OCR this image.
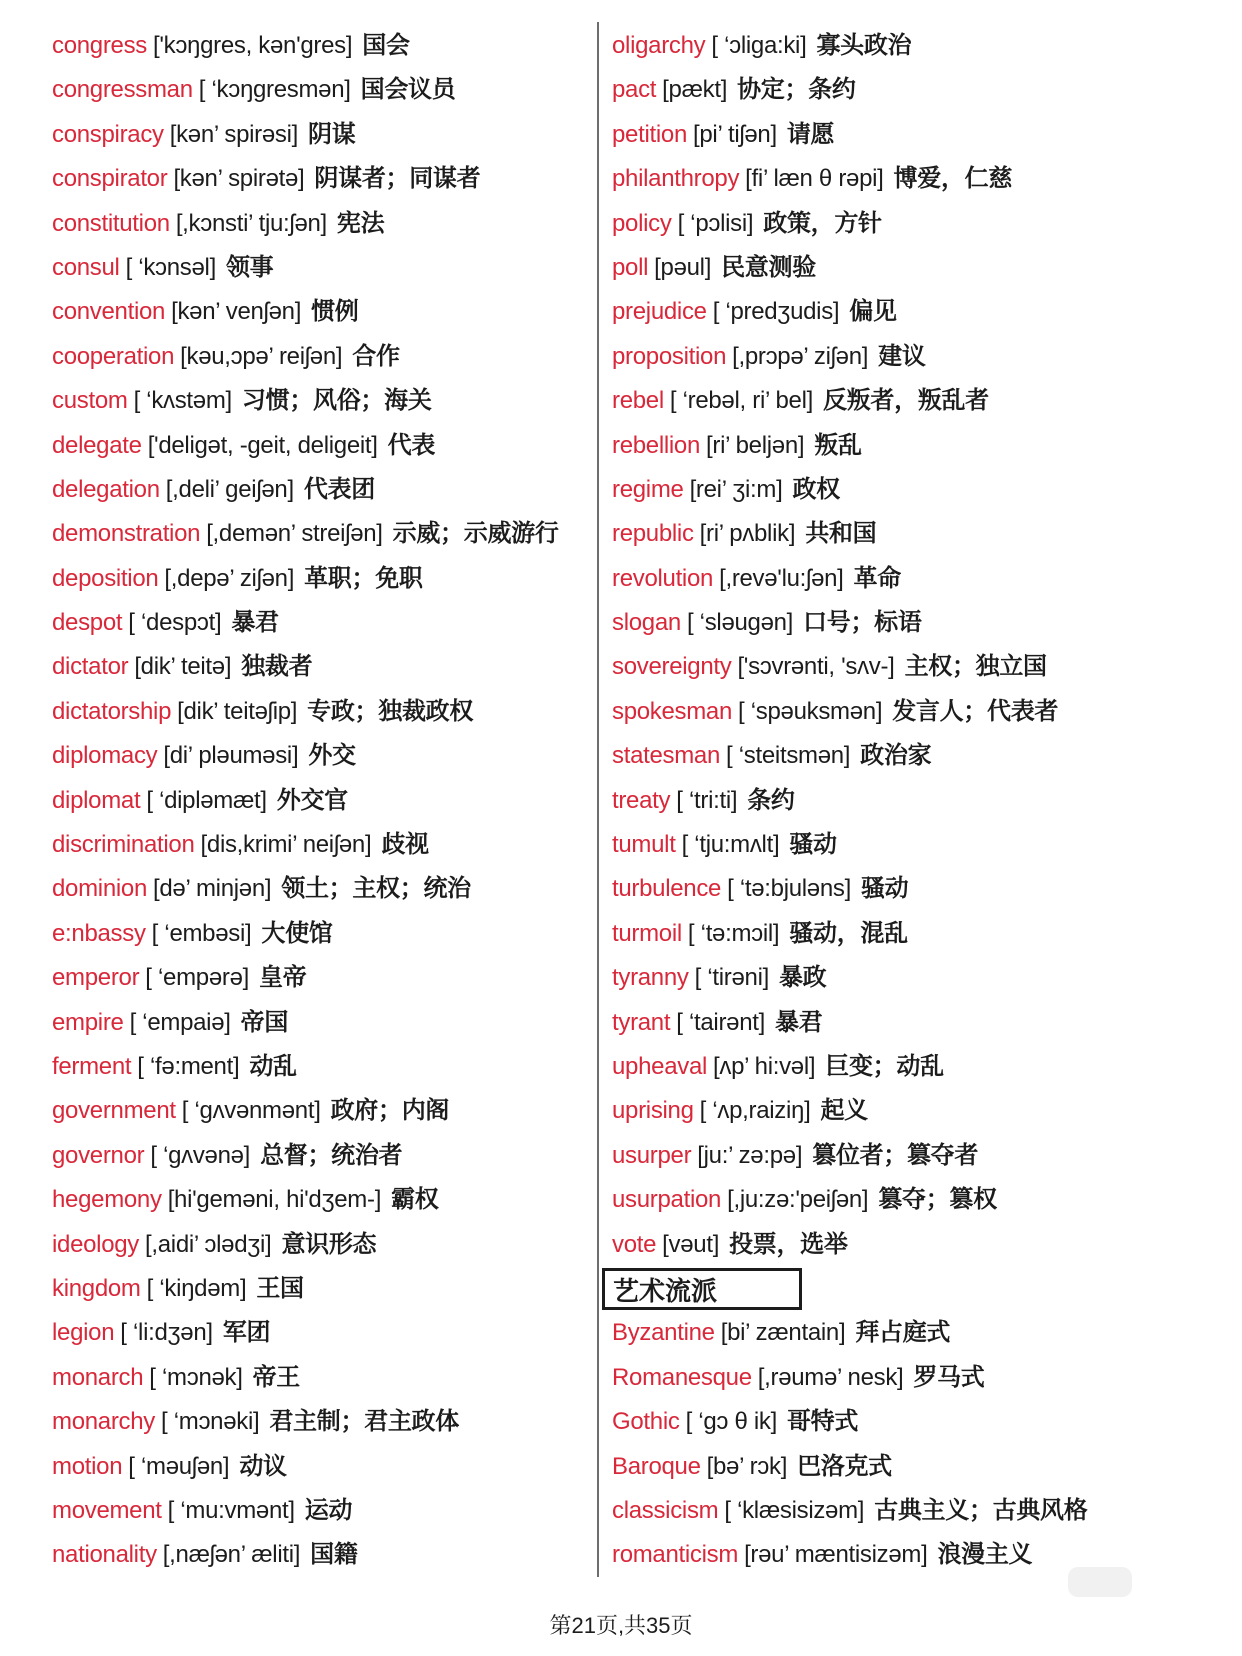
congress ['kɔŋgres, kən'gres] 国会
congressman [ ‘kɔŋgresmən] 国会议员
conspiracy [kən’ spirəsi] 阴谋
conspirator [kən’ spirətə] 阴谋者；同谋者
constitution [,kɔnsti’ tju:ʃən] 宪法
consul [ ‘kɔnsəl] 领事
convention [kən’ venʃən] 惯例
cooperation [kəu,ɔpə’ reiʃən] 合作
custom [ ‘kʌstəm] 习惯；风俗；海关
delegate ['deligət, -geit, deligeit] 代表
delegation [,deli’ geiʃən] 代表团
demonstration [,demən’ streiʃən] 示威；示威游行
deposition [,depə’ ziʃən] 革职；免职
despot [ ‘despɔt] 暴君
dictator [dik’ teitə] 独裁者
dictatorship [dik’ teitəʃip] 专政；独裁政权
diplomacy [di’ pləuməsi] 外交
diplomat [ ‘dipləmæt] 外交官
discrimination [dis,krimi’ neiʃən] 歧视
dominion [də’ minjən] 领土；主权；统治
e:nbassy [ ‘embəsi] 大使馆
emperor [ ‘empərə] 皇帝
empire [ ‘empaiə] 帝国
ferment [ ‘fə:ment] 动乱
government [ ‘gʌvənmənt] 政府；内阁
governor [ ‘gʌvənə] 总督；统治者
hegemony [hi'geməni, hi'dʒem-] 霸权
ideology [,aidi’ ɔlədʒi] 意识形态
kingdom [ ‘kiŋdəm] 王国
legion [ ‘li:dʒən] 军团
monarch [ ‘mɔnək] 帝王
monarchy [ ‘mɔnəki] 君主制；君主政体
motion [ ‘məuʃən] 动议
movement [ ‘mu:vmənt] 运动
nationality [,næʃən’ æliti] 国籍
oligarchy [ ‘ɔliga:ki] 寡头政治
pact [pækt] 协定；条约
petition [pi’ tiʃən] 请愿
philanthropy [fi’ læn θ rəpi] 博爱，仁慈
policy [ ‘pɔlisi] 政策，方针
poll [pəul] 民意测验
prejudice [ ‘predʒudis] 偏见
proposition [,prɔpə’ ziʃən] 建议
rebel [ ‘rebəl, ri’ bel] 反叛者，叛乱者
rebellion [ri’ beljən] 叛乱
regime [rei’ ʒi:m] 政权
republic [ri’ pʌblik] 共和国
revolution [,revə'lu:ʃən] 革命
slogan [ ‘sləugən] 口号；标语
sovereignty ['sɔvrənti, 'sʌv-] 主权；独立国
spokesman [ ‘spəuksmən] 发言人；代表者
statesman [ ‘steitsmən] 政治家
treaty [ ‘tri:ti] 条约
tumult [ ‘tju:mʌlt] 骚动
turbulence [ ‘tə:bjuləns] 骚动
turmoil [ ‘tə:mɔil] 骚动，混乱
tyranny [ ‘tirəni] 暴政
tyrant [ ‘tairənt] 暴君
upheaval [ʌp’ hi:vəl] 巨变；动乱
uprising [ ‘ʌp,raiziŋ] 起义
usurper [ju:’ zə:pə] 篡位者；篡夺者
usurpation [,ju:zə:'peiʃən] 篡夺；篡权
vote [vəut] 投票，选举
艺术流派
Byzantine [bi’ zæntain] 拜占庭式
Romanesque [,rəumə’ nesk] 罗马式
Gothic [ ‘gɔ θ ik] 哥特式
Baroque [bə’ rɔk] 巴洛克式
classicism [ ‘klæsisizəm] 古典主义；古典风格
romanticism [rəu’ mæntisizəm] 浪漫主义
第21页,共35页
